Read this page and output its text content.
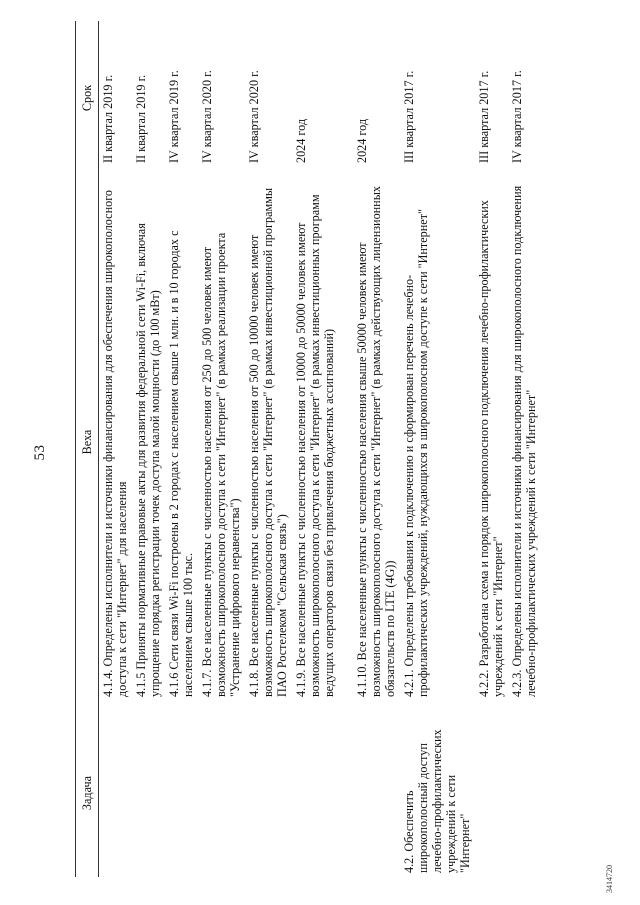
53
Задача	Веха	Срок
	4.1.4. Определены исполнители и источники финансирования для обеспечения широкополосного доступа к сети "Интернет" для населения	II квартал 2019 г.
	4.1.5 Приняты нормативные правовые акты для развития федеральной сети Wi-Fi, включая упрощение порядка регистрации точек доступа малой мощности (до 100 мВт)	II квартал 2019 г.
	4.1.6 Сети связи Wi-Fi построены в 2 городах с населением свыше 1 млн. и в 10 городах с населением свыше 100 тыс.	IV квартал 2019 г.
	4.1.7. Все населенные пункты с численностью населения от 250 до 500 человек имеют возможность широкополосного доступа к сети "Интернет" (в рамках реализации проекта "Устранение цифрового неравенства")	IV квартал 2020 г.
	4.1.8. Все населенные пункты с численностью населения от 500 до 10000 человек имеют возможность широкополосного доступа к сети "Интернет" (в рамках инвестиционной программы ПАО Ростелеком "Сельская связь")	IV квартал 2020 г.
	4.1.9. Все населенные пункты с численностью населения от 10000 до 50000 человек имеют возможность широкополосного доступа к сети "Интернет" (в рамках инвестиционных программ ведущих операторов связи без привлечения бюджетных ассигнований)	2024 год
	4.1.10. Все населенные пункты с численностью населения свыше 50000 человек имеют возможность широкополосного доступа к сети "Интернет" (в рамках действующих лицензионных обязательств по LTE (4G))	2024 год
4.2. Обеспечить широкополосный доступ лечебно-профилактических учреждений к сети "Интернет"	4.2.1. Определены требования к подключению и сформирован перечень лечебно-профилактических учреждений, нуждающихся в широкополосном доступе к сети "Интернет"	III квартал 2017 г.
	4.2.2. Разработана схема и порядок широкополосного подключения лечебно-профилактических учреждений к сети "Интернет"	III квартал 2017 г.
	4.2.3. Определены исполнители и источники финансирования для широкополосного подключения лечебно-профилактических учреждений к сети "Интернет"	IV квартал 2017 г.
3414720
